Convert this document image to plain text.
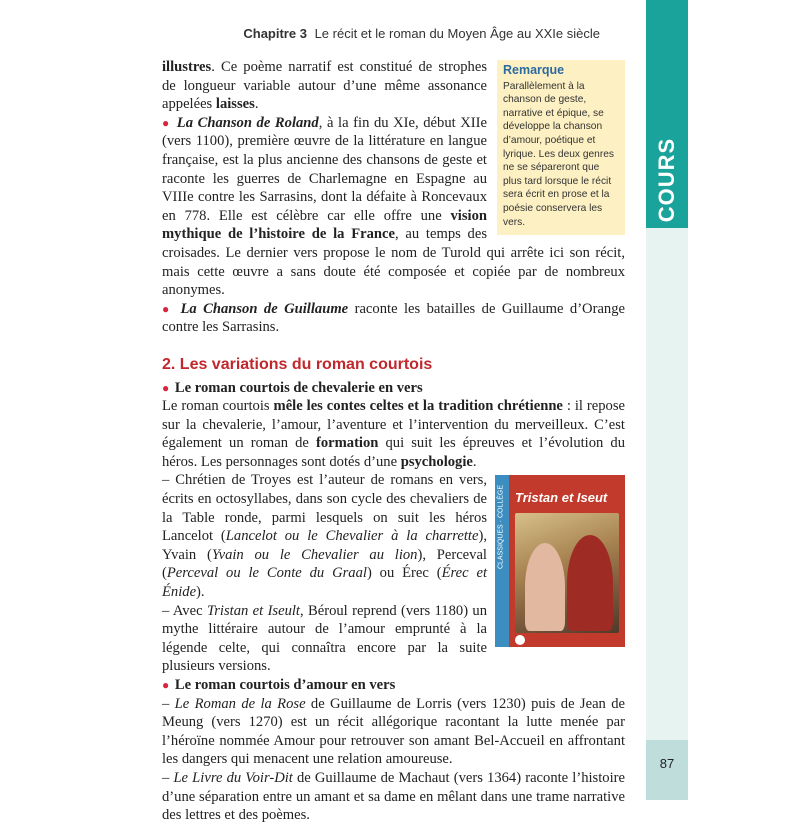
Chapitre 3 Le récit et le roman du Moyen Âge au XXIe siècle
COURS
87
Remarque
Parallèlement à la chanson de geste, narrative et épique, se développe la chanson d’amour, poétique et lyrique. Les deux genres ne se sépareront que plus tard lorsque le récit sera écrit en prose et la poésie conservera les vers.

illustres. Ce poème narratif est constitué de strophes de longueur variable autour d’une même assonance appelées laisses.

● La Chanson de Roland, à la fin du XIe, début XIIe (vers 1100), première œuvre de la littérature en langue française, est la plus ancienne des chansons de geste et raconte les guerres de Charlemagne en Espagne au VIIIe contre les Sarrasins, dont la défaite à Roncevaux en 778. Elle est célèbre car elle offre une vision mythique de l’histoire de la France, au temps des croisades. Le dernier vers propose le nom de Turold qui arrête ici son récit, mais cette œuvre a sans doute été composée et copiée par de nombreux anonymes.

● La Chanson de Guillaume raconte les batailles de Guillaume d’Orange contre les Sarrasins.

2. Les variations du roman courtois

● Le roman courtois de chevalerie en vers

Le roman courtois mêle les contes celtes et la tradition chrétienne : il repose sur la chevalerie, l’amour, l’aventure et l’intervention du merveilleux. C’est également un roman de formation qui suit les épreuves et l’évolution du héros. Les personnages sont dotés d’une psychologie.

CLASSIQUES · COLLÈGE Tristan et Iseut

– Chrétien de Troyes est l’auteur de romans en vers, écrits en octosyllabes, dans son cycle des chevaliers de la Table ronde, parmi lesquels on suit les héros Lancelot (Lancelot ou le Chevalier à la charrette), Yvain (Yvain ou le Chevalier au lion), Perceval (Perceval ou le Conte du Graal) ou Érec (Érec et Énide).

– Avec Tristan et Iseult, Béroul reprend (vers 1180) un mythe littéraire autour de l’amour emprunté à la légende celte, qui connaîtra encore par la suite plusieurs versions.

● Le roman courtois d’amour en vers

– Le Roman de la Rose de Guillaume de Lorris (vers 1230) puis de Jean de Meung (vers 1270) est un récit allégorique racontant la lutte menée par l’héroïne nommée Amour pour retrouver son amant Bel-Accueil en affrontant les dangers qui menacent une relation amoureuse.

– Le Livre du Voir-Dit de Guillaume de Machaut (vers 1364) raconte l’histoire d’une séparation entre un amant et sa dame en mêlant dans une trame narrative des lettres et des poèmes.
